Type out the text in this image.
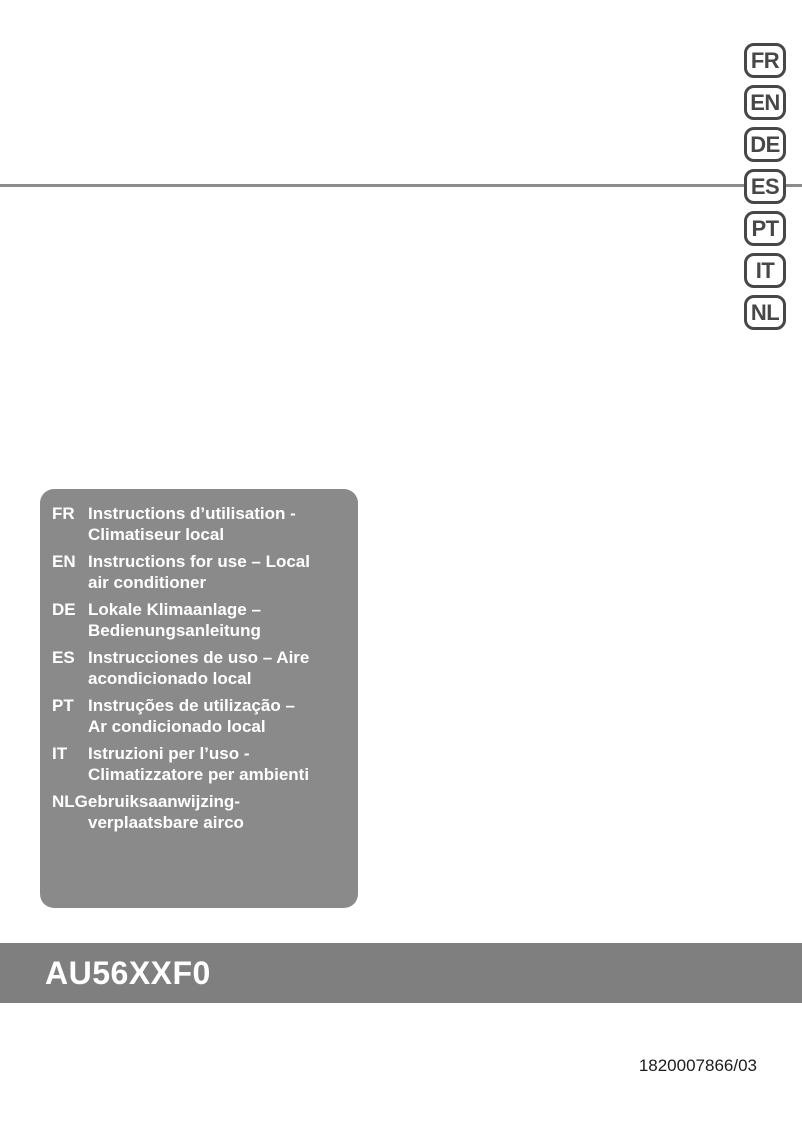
FR
EN
DE
ES
PT
IT
NL
FR Instructions d’utilisation -
Climatiseur local
EN Instructions for use – Local
air conditioner
DE Lokale Klimaanlage –
Bedienungsanleitung
ES Instrucciones de uso – Aire
acondicionado local
PT Instruções de utilização –
Ar condicionado local
IT	Istruzioni per l’uso -
Climatizzatore per ambienti
NLGebruiksaanwijzing-
verplaatsbare airco
AU56XXF0
1820007866/03
